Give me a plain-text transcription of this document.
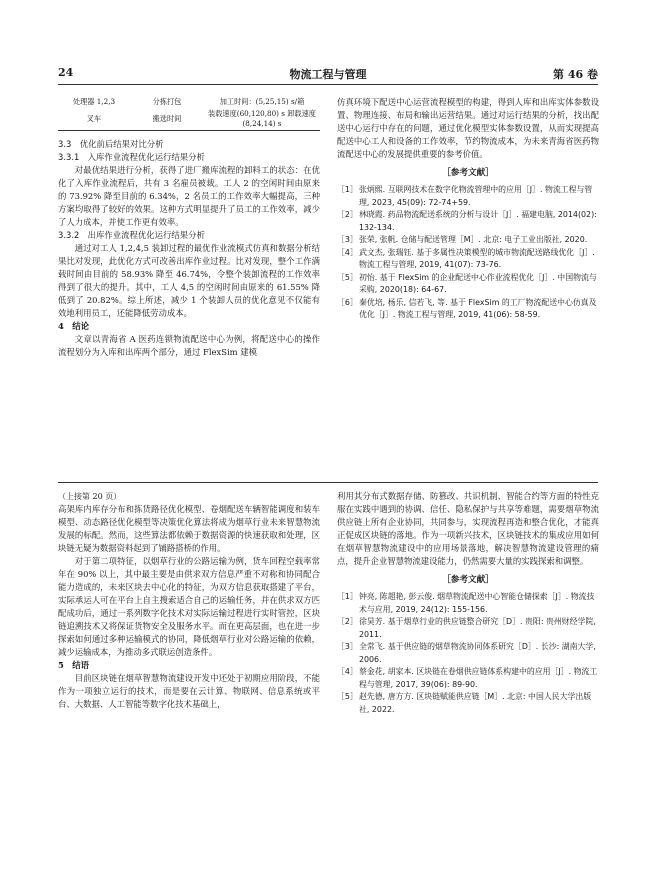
24	物流工程与管理	第 46 卷
处理器 1,2,3	分拣打包	加工时间：(5,25,15) s/箱
叉车	搬选时间	装载速度(60,120,80) s 卸载速度(8,24,14) s

3.3　优化前后结果对比分析

3.3.1　入库作业流程优化运行结果分析

对最优结果进行分析，获得了进厂搬库流程的卸料工的状态：在优化了入库作业流程后，共有 3 名雇员被裁。工人 2 的空闲时间由原来的 73.92% 降至目前的 6.34%，2 名员工的工作效率大幅提高，三种方案均取得了较好的效果。这种方式明显提升了员工的工作效率，减少了人力成本，并使工作更有效率。

3.3.2　出库作业流程优化运行结果分析

通过对工人 1,2,4,5 装卸过程的最优作业流模式仿真和数据分析结果比对发现，此优化方式可改善出库作业过程。比对发现，整个工作满载时间由目前的 58.93% 降至 46.74%，令整个装卸流程的工作效率得到了很大的提升。其中，工人 4,5 的空闲时间由原来的 61.55% 降低到了 20.82%。综上所述，减少 1 个装卸人员的优化意见不仅能有效地利用员工，还能降低劳动成本。

4　结论

文章以青海省 A 医药连锁物流配送中心为例，将配送中心的操作流程划分为入库和出库两个部分，通过 FlexSim 建模

仿真环境下配送中心运营流程模型的构建，得到人库和出库实体参数设置、物理连接、布局和输出运营结果。通过对运行结果的分析，找出配送中心运行中存在的问题，通过优化模型实体参数设置，从而实现提高配送中心工人和设备的工作效率，节约物流成本，为未来青海省医药物流配送中心的发展提供重要的参考价值。

［参考文献］
［1］ 张炳熙. 互联网技术在数字化物流管理中的应用［J］. 物流工程与管理, 2023, 45(09): 72-74+59.
［2］ 林晓霞. 药品物流配送系统的分析与设计［J］. 福建电脑, 2014(02): 132-134.
［3］ 张荣, 张帆. 仓储与配送管理［M］. 北京: 电子工业出版社, 2020.
［4］ 武文杰, 张瑞钰. 基于多属性决策模型的城市物流配送路线优化［J］. 物流工程与管理, 2019, 41(07): 73-76.
［5］ 初怡. 基于 FlexSim 的企业配送中心作业流程优化［J］. 中国物流与采购, 2020(18): 64-67.
［6］ 秦优培, 杨乐, 信若飞, 等. 基于 FlexSim 的工厂物流配送中心仿真及优化［J］. 物流工程与管理, 2019, 41(06): 58-59.

（上接第 20 页）

高架库内库存分布和拣货路径优化模型、卷烟配送车辆智能调度和装车模型、动态路径优化模型等决策优化算法将成为烟草行业未来智慧物流发展的标配。然而，这些算法都依赖于数据资源的快速获取和处理，区块链无疑为数据资料起到了铺路搭桥的作用。

对于第二项特征，以烟草行业的公路运输为例，货车回程空载率常年在 90% 以上，其中最主要是由供求双方信息严重不对称和协同配合能力造成的，未来区块去中心化的特征，为双方信息获取搭建了平台，实际承运人可在平台上自主搜索适合自己的运输任务，并在供求双方匹配成功后，通过一系列数字化技术对实际运输过程进行实时管控，区块链追溯技术又将保证货物安全及服务水平。而在更高层面，也在进一步探索如何通过多种运输模式的协同，降低烟草行业对公路运输的依赖，减少运输成本，为推动多式联运创造条件。

5　结语

目前区块链在烟草智慧物流建设开发中还处于初期应用阶段，不能作为一项独立运行的技术，而是要在云计算、物联网、信息系统或平台、大数据、人工智能等数字化技术基础上，

利用其分布式数据存储、防篡改、共识机制、智能合约等方面的特性克服在实践中遇到的协调、信任、隐私保护与共享等难题，需要烟草物流供应链上所有企业协同，共同参与，实现流程再造和整合优化，才能真正促成区块链的落地。作为一项新兴技术，区块链技术的集成应用如何在烟草智慧物流建设中的应用场景落地，解决智慧物流建设管理的痛点，提升企业智慧物流建设能力，仍然需要大量的实践探索和调整。

［参考文献］
［1］ 钟亮, 陈超艳, 彭云俊. 烟草物流配送中心智能仓储探索［J］. 物流技术与应用, 2019, 24(12): 155-156.
［2］ 徐昊芳. 基于烟草行业的供应链整合研究［D］. 贵阳: 贵州财经学院, 2011.
［3］ 全常飞. 基于供应链的烟草物流协同体系研究［D］. 长沙: 湖南大学, 2006.
［4］ 蔡金花, 胡家本. 区块链在卷烟供应链体系构建中的应用［J］. 物流工程与管理, 2017, 39(06): 89-90.
［5］ 赵先德, 唐方方. 区块链赋能供应链［M］. 北京: 中国人民大学出版社, 2022.
